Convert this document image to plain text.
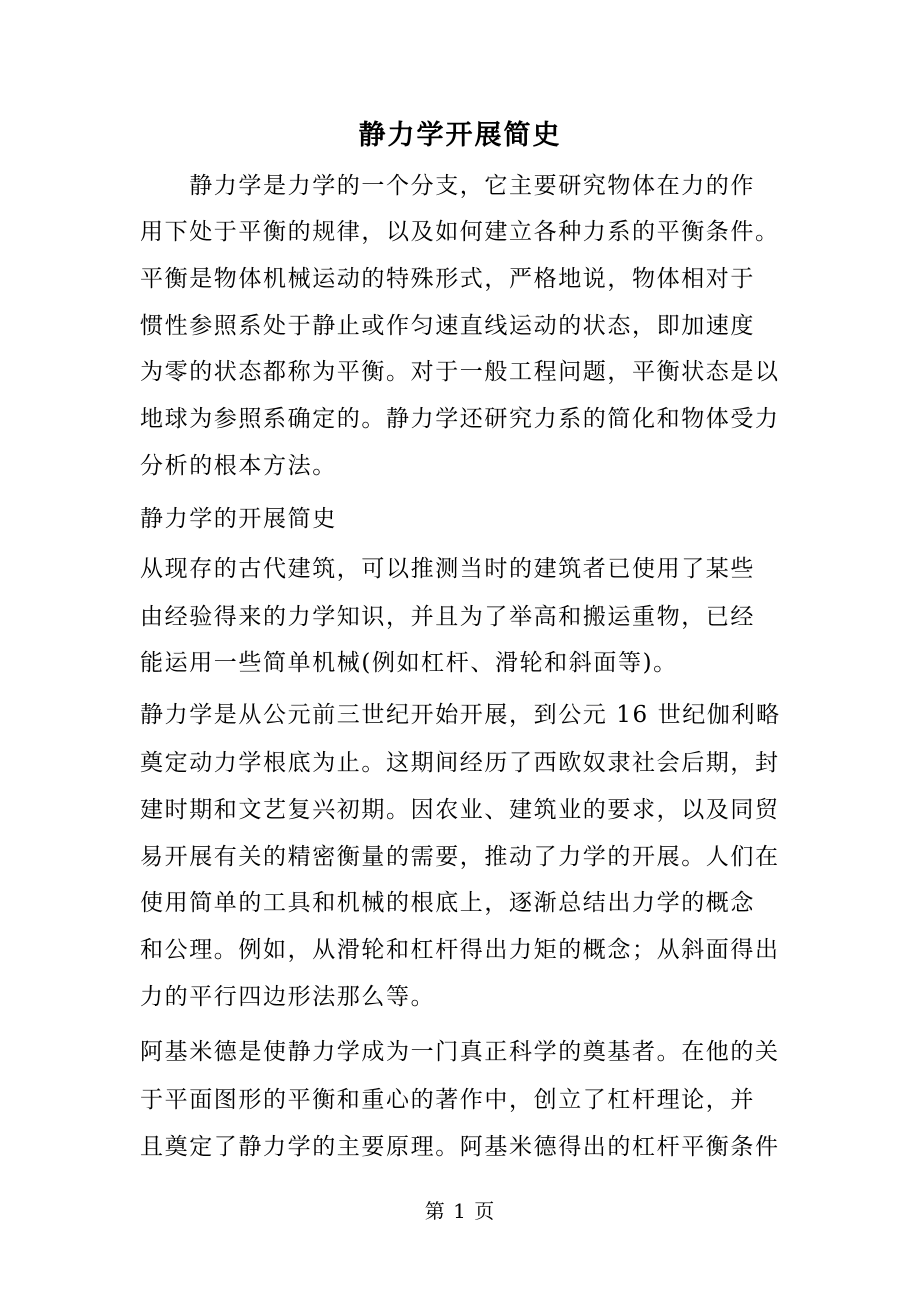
静力学开展简史
　　静力学是力学的一个分支，它主要研究物体在力的作
用下处于平衡的规律，以及如何建立各种力系的平衡条件。
平衡是物体机械运动的特殊形式，严格地说，物体相对于
惯性参照系处于静止或作匀速直线运动的状态，即加速度
为零的状态都称为平衡。对于一般工程问题，平衡状态是以
地球为参照系确定的。静力学还研究力系的简化和物体受力
分析的根本方法。
静力学的开展简史
从现存的古代建筑，可以推测当时的建筑者已使用了某些
由经验得来的力学知识，并且为了举高和搬运重物，已经
能运用一些简单机械(例如杠杆、滑轮和斜面等)。
静力学是从公元前三世纪开始开展，到公元 16 世纪伽利略
奠定动力学根底为止。这期间经历了西欧奴隶社会后期，封
建时期和文艺复兴初期。因农业、建筑业的要求，以及同贸
易开展有关的精密衡量的需要，推动了力学的开展。人们在
使用简单的工具和机械的根底上，逐渐总结出力学的概念
和公理。例如，从滑轮和杠杆得出力矩的概念；从斜面得出
力的平行四边形法那么等。
阿基米德是使静力学成为一门真正科学的奠基者。在他的关
于平面图形的平衡和重心的著作中，创立了杠杆理论，并
且奠定了静力学的主要原理。阿基米德得出的杠杆平衡条件
第 1 页
